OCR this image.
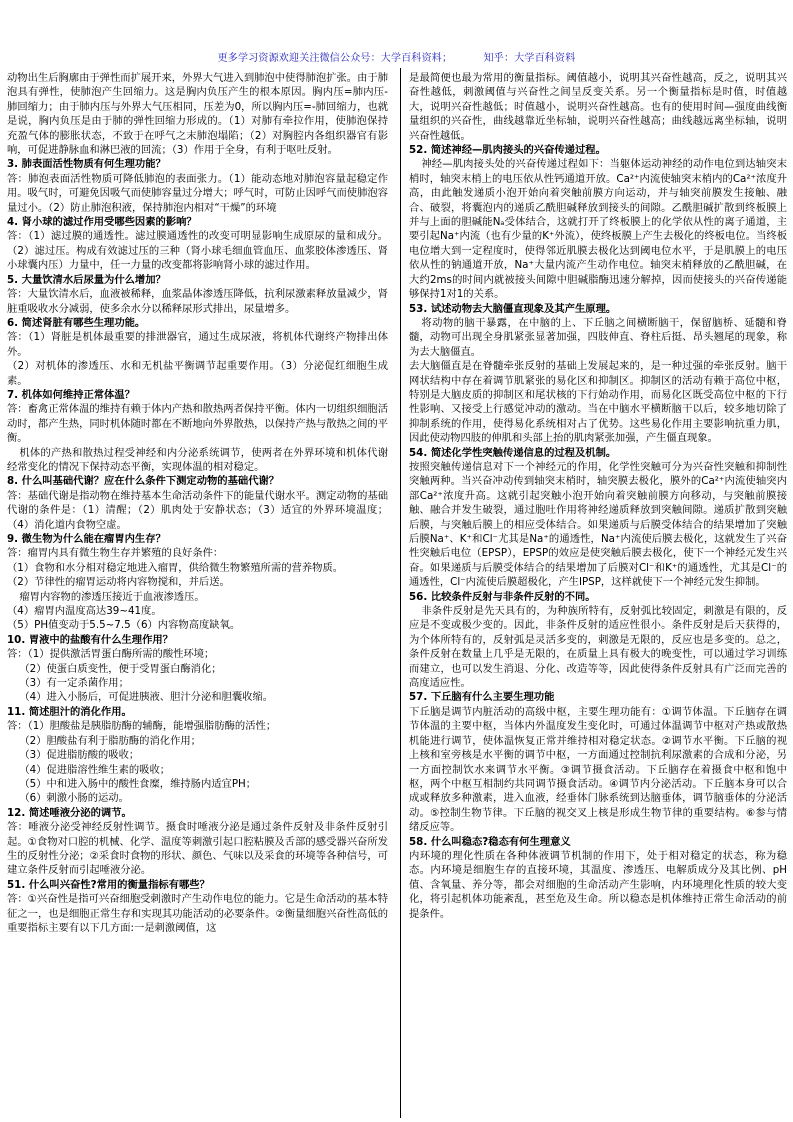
更多学习资源欢迎关注微信公众号：大学百科资料；	知乎：大学百科资料

动物出生后胸廓由于弹性而扩展开来，外界大气进入到肺泡中使得肺泡扩张。由于肺泡具有弹性，使肺泡产生回缩力。这是胸内负压产生的根本原因。胸内压=肺内压-肺回缩力；由于肺内压与外界大气压相同，压差为0，所以胸内压=-肺回缩力，也就是说，胸内负压是由于肺的弹性回缩力形成的。（1）对肺有牵拉作用，使肺泡保持充盈气体的膨胀状态，不致于在呼气之末肺泡塌陷；（2）对胸腔内各组织器官有影响，可促进静脉血和淋巴液的回流；（3）作用于全身，有利于呕吐反射。

3. 肺表面活性物质有何生理功能？

答：肺泡表面活性物质可降低肺泡的表面张力。（1）能动态地对肺泡容量起稳定作用。吸气时，可避免因吸气而使肺容量过分增大；呼气时，可防止因呼气而使肺泡容量过小。（2）防止肺泡积液，保持肺泡内相对“干燥”的环境

4. 肾小球的滤过作用受哪些因素的影响？

答：（1）滤过膜的通透性。滤过膜通透性的改变可明显影响生成原尿的量和成分。（2）滤过压。构成有效滤过压的三种（肾小球毛细血管血压、血浆胶体渗透压、肾小球囊内压）力量中，任一力量的改变都将影响肾小球的滤过作用。

5. 大量饮清水后尿量为什么增加？

答：大量饮清水后，血液被稀释，血浆晶体渗透压降低，抗利尿激素释放量减少，肾脏重吸收水分减弱，使多余水分以稀释尿形式排出，尿量增多。

6. 简述肾脏有哪些生理功能。

答：（1）肾脏是机体最重要的排泄器官，通过生成尿液，将机体代谢终产物排出体外。

（2）对机体的渗透压、水和无机盐平衡调节起重要作用。（3）分泌促红细胞生成素。

7. 机体如何维持正常体温？

答：畜禽正常体温的维持有赖于体内产热和散热两者保持平衡。体内一切组织细胞活动时，都产生热，同时机体随时都在不断地向外界散热，以保持产热与散热之间的平衡。

机体的产热和散热过程受神经和内分泌系统调节，使两者在外界环境和机体代谢经常变化的情况下保持动态平衡，实现体温的相对稳定。

8. 什么叫基础代谢？应在什么条件下测定动物的基础代谢？

答：基础代谢是指动物在维持基本生命活动条件下的能量代谢水平。测定动物的基础代谢的条件是：（1）清醒；（2）肌肉处于安静状态；（3）适宜的外界环境温度；（4）消化道内食物空虚。

9. 微生物为什么能在瘤胃内生存？

答：瘤胃内具有微生物生存并繁殖的良好条件：

（1）食物和水分相对稳定地进入瘤胃，供给微生物繁殖所需的营养物质。

（2）节律性的瘤胃运动将内容物搅和，并后送。

瘤胃内容物的渗透压接近于血液渗透压。

（4）瘤胃内温度高达39~41度。

（5）PH值变动于5.5~7.5（6）内容物高度缺氧。

10. 胃液中的盐酸有什么生理作用？

答：（1）提供激活胃蛋白酶所需的酸性环境；

（2）使蛋白质变性，便于受胃蛋白酶消化；

（3）有一定杀菌作用；

（4）进入小肠后，可促进胰液、胆汁分泌和胆囊收缩。

11. 简述胆汁的消化作用。

答：（1）胆酸盐是胰脂肪酶的辅酶，能增强脂肪酶的活性；

（2）胆酸盐有利于脂肪酶的消化作用；

（3）促进脂肪酸的吸收；

（4）促进脂溶性维生素的吸收；

（5）中和进入肠中的酸性食糜，维持肠内适宜PH；

（6）刺激小肠的运动。

12. 简述唾液分泌的调节。

答：唾液分泌受神经反射性调节。摄食时唾液分泌是通过条件反射及非条件反射引起。①食物对口腔的机械、化学、温度等刺激引起口腔粘膜及舌部的感受器兴奋所发生的反射性分泌；②采食时食物的形状、颜色、气味以及采食的环境等各种信号，可建立条件反射而引起唾液分泌。

51. 什么叫兴奋性?常用的衡量指标有哪些？

答：①兴奋性是指可兴奋细胞受刺激时产生动作电位的能力。它是生命活动的基本特征之一，也是细胞正常生存和实现其功能活动的必要条件。②衡量细胞兴奋性高低的重要指标主要有以下几方面:一是刺激阈值，这

是最简便也最为常用的衡量指标。阈值越小，说明其兴奋性越高，反之，说明其兴奋性越低，刺激阈值与兴奋性之间呈反变关系。另一个衡量指标是时值，时值越大，说明兴奋性越低；时值越小，说明兴奋性越高。也有的使用时间—强度曲线衡量组织的兴奋性，曲线越靠近坐标轴，说明兴奋性越高；曲线越远离坐标轴，说明兴奋性越低。

52. 简述神经—肌肉接头的兴奋传递过程。

神经—肌肉接头处的兴奋传递过程如下：当躯体运动神经的动作电位到达轴突末梢时，轴突末梢上的电压依从性钙通道开放。Ca²⁺内流使轴突末梢内的Ca²⁺浓度升高，由此触发递质小泡开始向着突触前膜方向运动，并与轴突前膜发生接触、融合、破裂，将囊泡内的递质乙酰胆碱释放到接头的间隙。乙酰胆碱扩散到终板膜上并与上面的胆碱能Nₐ受体结合，这就打开了终板膜上的化学依从性的离子通道，主要引起Na⁺内流（也有少量的K⁺外流），使终板膜上产生去极化的终板电位。当终板电位增大到一定程度时，使得邻近肌膜去极化达到阈电位水平，于是肌膜上的电压依从性的钠通道开放，Na⁺大量内流产生动作电位。轴突末梢释放的乙酰胆碱，在大约2ms的时间内就被接头间隙中胆碱脂酶迅速分解掉，因而使接头的兴奋传递能够保持1对1的关系。

53. 试述动物去大脑僵直现象及其产生原理。

将动物的脑干暴露，在中脑的上、下丘脑之间横断脑干，保留脑桥、延髓和脊髓，动物可出现全身肌紧张显著加强，四肢伸直、脊柱后挺、昂头翘尾的现象，称为去大脑僵直。

去大脑僵直是在脊髓牵张反射的基础上发展起来的，是一种过强的牵张反射。脑干网状结构中存在着调节肌紧张的易化区和抑制区。抑制区的活动有赖于高位中枢，特别是大脑皮质的抑制区和尾状核的下行始动作用，而易化区既受高位中枢的下行性影响、又接受上行感觉冲动的激动。当在中脑水平横断脑干以后，较多地切除了抑制系统的作用，使得易化系统相对占了优势。这些易化作用主要影响抗重力肌，因此使动物四肢的伸肌和头部上抬的肌肉紧张加强，产生僵直现象。

54. 简述化学性突触传递信息的过程及机制。

按照突触传递信息对下一个神经元的作用，化学性突触可分为兴奋性突触和抑制性突触两种。当兴奋冲动传到轴突末梢时，轴突膜去极化，膜外的Ca²⁺内流使轴突内部Ca²⁺浓度升高。这就引起突触小泡开始向着突触前膜方向移动，与突触前膜接触、融合并发生破裂，通过胞吐作用将神经递质释放到突触间隙。递质扩散到突触后膜，与突触后膜上的相应受体结合。如果递质与后膜受体结合的结果增加了突触后膜Na⁺、K⁺和Cl⁻尤其是Na⁺的通透性，Na⁺内流使后膜去极化，这就发生了兴奋性突触后电位（EPSP），EPSP的效应是使突触后膜去极化，使下一个神经元发生兴奋。如果递质与后膜受体结合的结果增加了后膜对Cl⁻和K⁺的通透性，尤其是Cl⁻的通透性，Cl⁻内流使后膜超极化，产生IPSP，这样就使下一个神经元发生抑制。

56. 比较条件反射与非条件反射的不同。

非条件反射是先天具有的，为种族所特有，反射弧比较固定，刺激是有限的，反应是不变或极少变的。因此，非条件反射的适应性很小。条件反射是后天获得的，为个体所特有的，反射弧是灵活多变的，刺激是无限的，反应也是多变的。总之，条件反射在数量上几乎是无限的，在质量上具有极大的晚变性，可以通过学习训练而建立，也可以发生消退、分化、改造等等，因此使得条件反射具有广泛而完善的高度适应性。

57. 下丘脑有什么主要生理功能

下丘脑是调节内脏活动的高级中枢，主要生理功能有：①调节体温。下丘脑存在调节体温的主要中枢，当体内外温度发生变化时，可通过体温调节中枢对产热或散热机能进行调节，使体温恢复正常并维持相对稳定状态。②调节水平衡。下丘脑的视上核和室旁核是水平衡的调节中枢，一方面通过控制抗利尿激素的合成和分泌，另一方面控制饮水来调节水平衡。③调节摄食活动。下丘脑存在着摄食中枢和饱中枢，两个中枢互相制约共同调节摄食活动。④调节内分泌活动。下丘脑本身可以合成或释放多种激素，进入血液，经垂体门脉系统到达脑垂体，调节脑垂体的分泌活动。⑤控制生物节律。下丘脑的视交叉上核是形成生物节律的重要结构。⑥参与情绪反应等。

58. 什么叫稳态?稳态有何生理意义

内环境的理化性质在各种体液调节机制的作用下，处于相对稳定的状态，称为稳态。内环境是细胞生存的直接环境，其温度、渗透压、电解质成分及其比例、pH值、含氧量、养分等，都会对细胞的生命活动产生影响，内环境理化性质的较大变化，将引起机体功能紊乱，甚至危及生命。所以稳态是机体维持正常生命活动的前提条件。
